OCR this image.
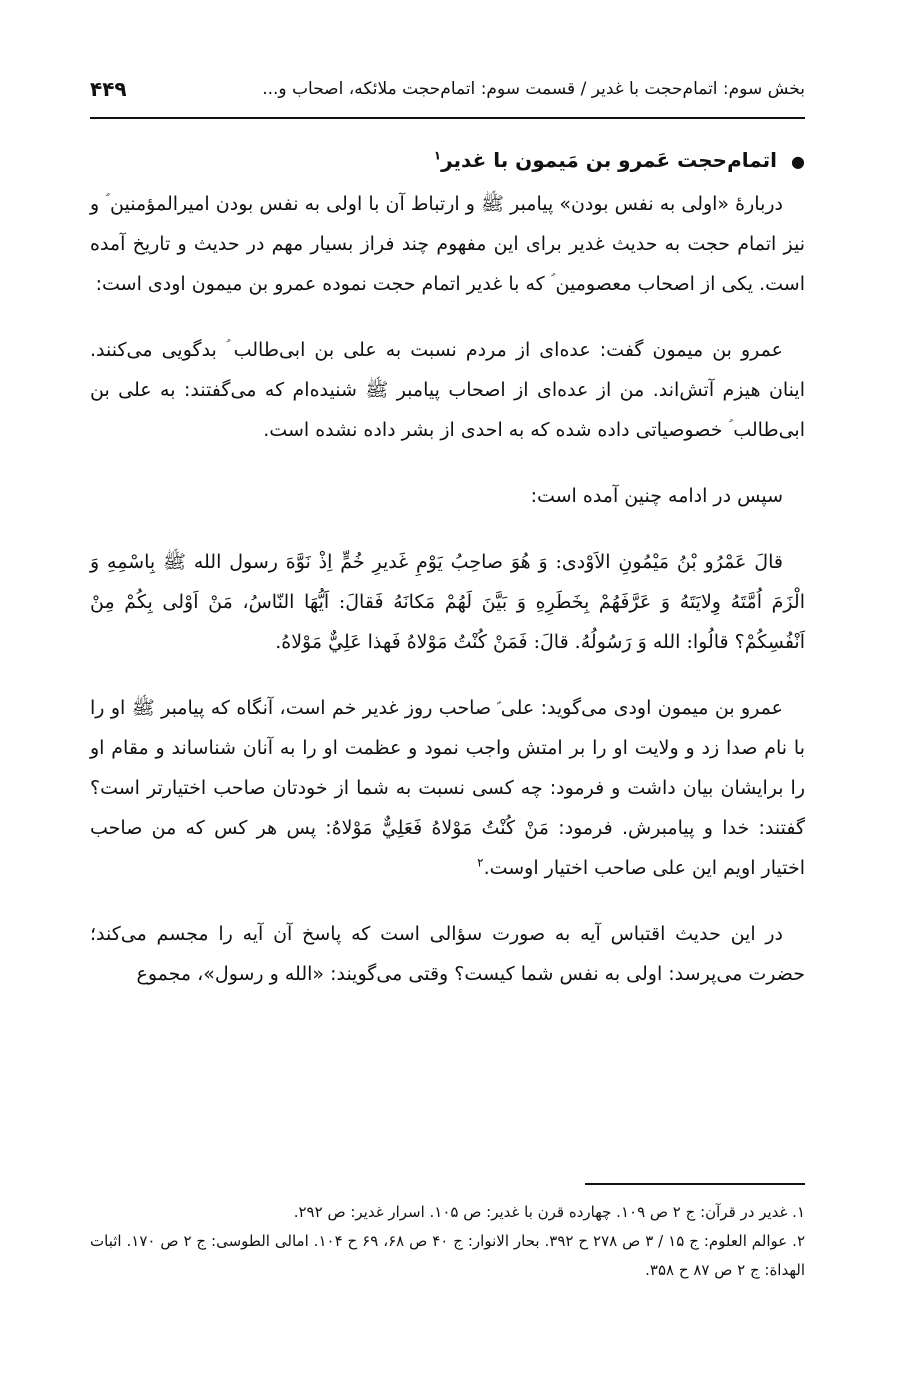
بخش سوم: اتمام‌حجت با غدیر / قسمت سوم: اتمام‌حجت ملائکه، اصحاب و...
۴۴۹
●اتمام‌حجت عَمرو بن مَیمون با غدیر$^۱$

دربارۀ «اولی به نفس بودن» پیامبر ﷺ و ارتباط آن با اولی به نفس بودن امیرالمؤمنین ؑ و نیز اتمام حجت به حدیث غدیر برای این مفهوم چند فراز بسیار مهم در حدیث و تاریخ آمده است. یکی از اصحاب معصومین ؑ که با غدیر اتمام حجت نموده عمرو بن میمون اودی است:

عمرو بن میمون گفت: عده‌ای از مردم نسبت به علی بن ابی‌طالب ؑ بدگویی می‌کنند. اینان هیزم آتش‌اند. من از عده‌ای از اصحاب پیامبر ﷺ شنیده‌ام که می‌گفتند: به علی بن ابی‌طالب ؑ خصوصیاتی داده شده که به احدی از بشر داده نشده است.

سپس در ادامه چنین آمده است:

قالَ عَمْرُو بْنُ مَيْمُونِ الاَوْدی: وَ هُوَ صاحِبُ يَوْمِ غَديرِ خُمٍّ اِذْ نَوَّهَ رسول الله ﷺ بِاسْمِهِ وَ الْزَمَ اُمَّتَهُ وِلايَتَهُ وَ عَرَّفَهُمْ بِخَطَرِهِ وَ بَيَّنَ لَهُمْ مَكانَهُ فَقالَ: اَيُّهَا النّاسُ، مَنْ اَوْلى بِكُمْ مِنْ اَنْفُسِكُمْ؟ قالُوا: الله وَ رَسُولُهُ. قالَ: فَمَنْ كُنْتُ مَوْلاهُ فَهذا عَلِيٌّ مَوْلاهُ.

عمرو بن میمون اودی می‌گوید: علی ؑ صاحب روز غدیر خم است، آنگاه که پیامبر ﷺ او را با نام صدا زد و ولایت او را بر امتش واجب نمود و عظمت او را به آنان شناساند و مقام او را برایشان بیان داشت و فرمود: چه کسی نسبت به شما از خودتان صاحب اختیارتر است؟ گفتند: خدا و پیامبرش. فرمود: مَنْ كُنْتُ مَوْلاهُ فَعَلِيٌّ مَوْلاهُ: پس هر کس که من صاحب اختیار اویم این علی صاحب اختیار اوست.$^۲$

در این حدیث اقتباس آیه به صورت سؤالی است که پاسخ آن آیه را مجسم می‌کند؛ حضرت می‌پرسد: اولی به نفس شما کیست؟ وقتی می‌گویند: «الله و رسول»، مجموع

۱. غدیر در قرآن: ج ۲ ص ۱۰۹. چهارده قرن با غدیر: ص ۱۰۵. اسرار غدیر: ص ۲۹۲.

۲. عوالم العلوم: ج ۱۵ / ۳ ص ۲۷۸ ح ۳۹۲. بحار الانوار: ج ۴۰ ص ۶۸، ۶۹ ح ۱۰۴. امالی الطوسی: ج ۲ ص ۱۷۰. اثبات الهداة: ج ۲ ص ۸۷ ح ۳۵۸.
